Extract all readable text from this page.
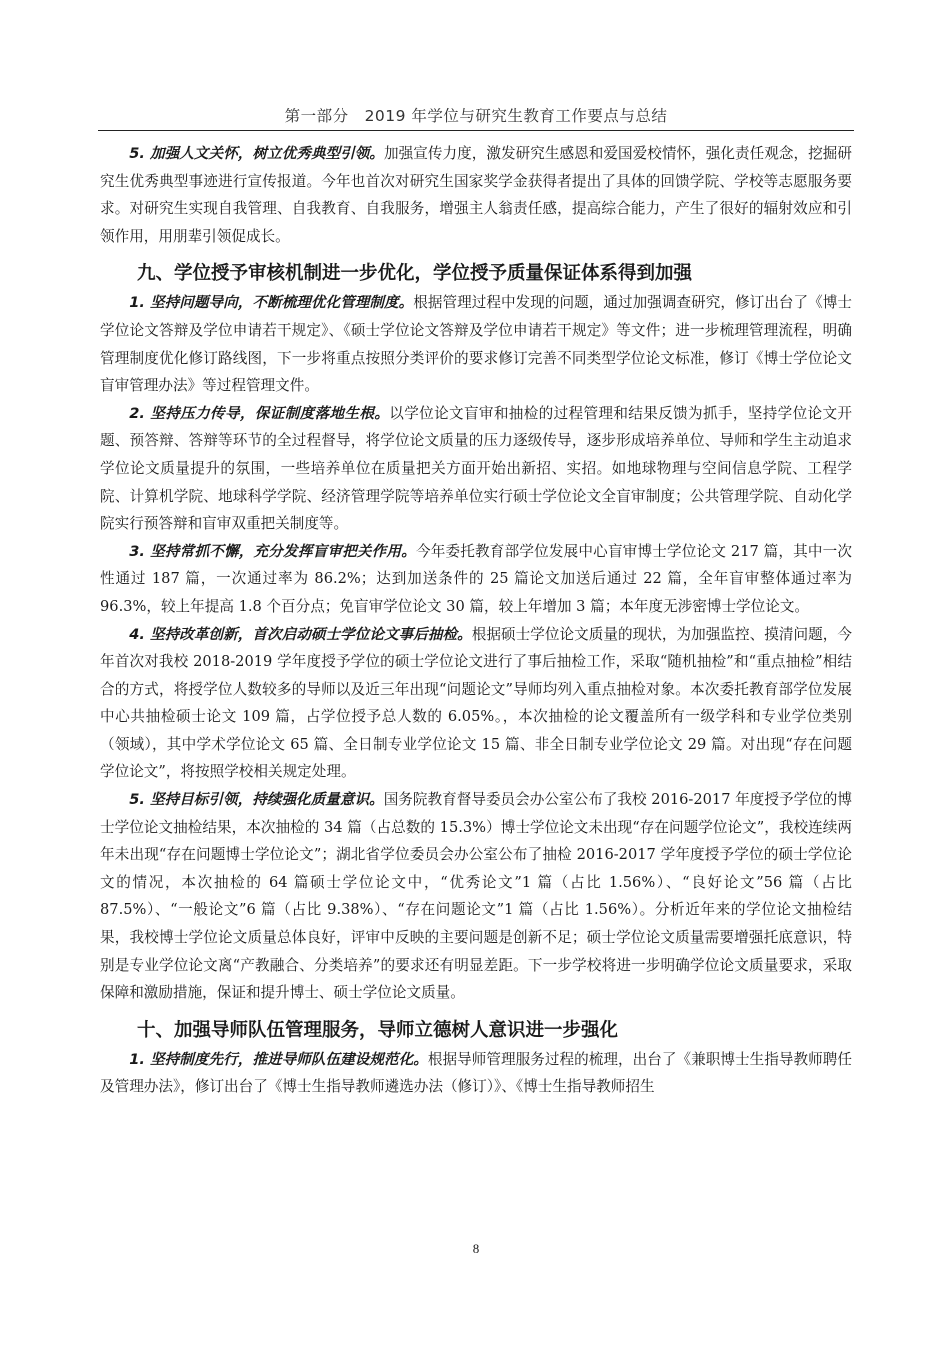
第一部分　2019 年学位与研究生教育工作要点与总结

5. 加强人文关怀，树立优秀典型引领。加强宣传力度，激发研究生感恩和爱国爱校情怀，强化责任观念，挖掘研究生优秀典型事迹进行宣传报道。今年也首次对研究生国家奖学金获得者提出了具体的回馈学院、学校等志愿服务要求。对研究生实现自我管理、自我教育、自我服务，增强主人翁责任感，提高综合能力，产生了很好的辐射效应和引领作用，用朋辈引领促成长。

九、学位授予审核机制进一步优化，学位授予质量保证体系得到加强

1. 坚持问题导向，不断梳理优化管理制度。根据管理过程中发现的问题，通过加强调查研究，修订出台了《博士学位论文答辩及学位申请若干规定》、《硕士学位论文答辩及学位申请若干规定》等文件；进一步梳理管理流程，明确管理制度优化修订路线图，下一步将重点按照分类评价的要求修订完善不同类型学位论文标准，修订《博士学位论文盲审管理办法》等过程管理文件。

2. 坚持压力传导，保证制度落地生根。以学位论文盲审和抽检的过程管理和结果反馈为抓手，坚持学位论文开题、预答辩、答辩等环节的全过程督导，将学位论文质量的压力逐级传导，逐步形成培养单位、导师和学生主动追求学位论文质量提升的氛围，一些培养单位在质量把关方面开始出新招、实招。如地球物理与空间信息学院、工程学院、计算机学院、地球科学学院、经济管理学院等培养单位实行硕士学位论文全盲审制度；公共管理学院、自动化学院实行预答辩和盲审双重把关制度等。

3. 坚持常抓不懈，充分发挥盲审把关作用。今年委托教育部学位发展中心盲审博士学位论文 217 篇，其中一次性通过 187 篇，一次通过率为 86.2%；达到加送条件的 25 篇论文加送后通过 22 篇，全年盲审整体通过率为 96.3%，较上年提高 1.8 个百分点；免盲审学位论文 30 篇，较上年增加 3 篇；本年度无涉密博士学位论文。

4. 坚持改革创新，首次启动硕士学位论文事后抽检。根据硕士学位论文质量的现状，为加强监控、摸清问题，今年首次对我校 2018-2019 学年度授予学位的硕士学位论文进行了事后抽检工作，采取“随机抽检”和“重点抽检”相结合的方式，将授学位人数较多的导师以及近三年出现“问题论文”导师均列入重点抽检对象。本次委托教育部学位发展中心共抽检硕士论文 109 篇，占学位授予总人数的 6.05%。，本次抽检的论文覆盖所有一级学科和专业学位类别（领域），其中学术学位论文 65 篇、全日制专业学位论文 15 篇、非全日制专业学位论文 29 篇。对出现“存在问题学位论文”，将按照学校相关规定处理。

5. 坚持目标引领，持续强化质量意识。国务院教育督导委员会办公室公布了我校 2016-2017 年度授予学位的博士学位论文抽检结果，本次抽检的 34 篇（占总数的 15.3%）博士学位论文未出现“存在问题学位论文”，我校连续两年未出现“存在问题博士学位论文”；湖北省学位委员会办公室公布了抽检 2016-2017 学年度授予学位的硕士学位论文的情况，本次抽检的 64 篇硕士学位论文中，“优秀论文”1 篇（占比 1.56%）、“良好论文”56 篇（占比 87.5%）、“一般论文”6 篇（占比 9.38%）、“存在问题论文”1 篇（占比 1.56%）。分析近年来的学位论文抽检结果，我校博士学位论文质量总体良好，评审中反映的主要问题是创新不足；硕士学位论文质量需要增强托底意识，特别是专业学位论文离“产教融合、分类培养”的要求还有明显差距。下一步学校将进一步明确学位论文质量要求，采取保障和激励措施，保证和提升博士、硕士学位论文质量。

十、加强导师队伍管理服务，导师立德树人意识进一步强化

1. 坚持制度先行，推进导师队伍建设规范化。根据导师管理服务过程的梳理，出台了《兼职博士生指导教师聘任及管理办法》，修订出台了《博士生指导教师遴选办法（修订）》、《博士生指导教师招生

8
